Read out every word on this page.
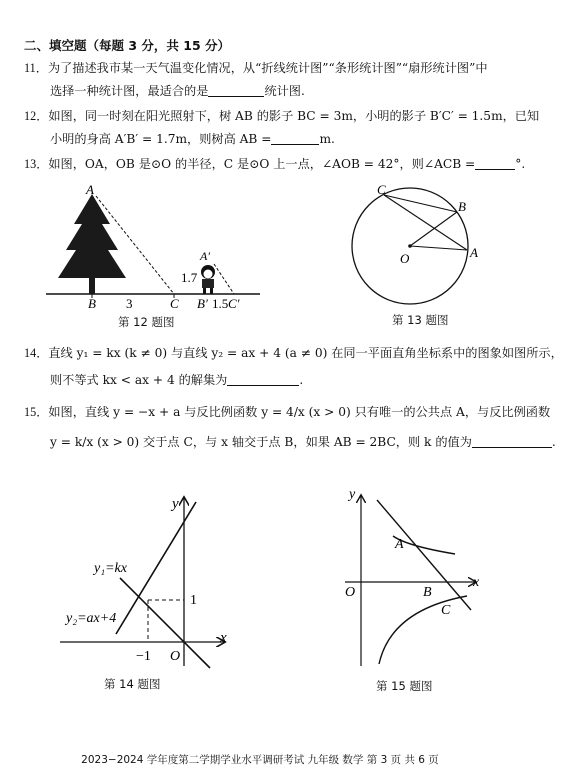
二、填空题（每题 3 分，共 15 分）
11．为了描述我市某一天气温变化情况，从“折线统计图”“条形统计图”“扇形统计图”中
选择一种统计图，最适合的是	统计图.
12．如图，同一时刻在阳光照射下，树 AB 的影子 BC = 3m，小明的影子 B′C′ = 1.5m，已知
小明的身高 A′B′ = 1.7m，则树高 AB =	m.
13．如图，OA，OB 是⊙O 的半径，C 是⊙O 上一点，∠AOB = 42°，则∠ACB =	°.
A
B 3	C
A′
1.7
B′ 1.5 C′
第 12 题图
C
B
O	A
第 13 题图
14．直线 y₁ = kx (k ≠ 0) 与直线 y₂ = ax + 4 (a ≠ 0) 在同一平面直角坐标系中的图象如图所示，
则不等式 kx < ax + 4 的解集为	.
15．如图，直线 y = −x + a 与反比例函数 y = 4/x (x > 0) 只有唯一的公共点 A，与反比例函数
y = k/x (x > 0) 交于点 C，与 x 轴交于点 B，如果 AB = 2BC，则 k 的值为	.
y
x
y₁=kx
y₂=ax+4
1
−1 O
第 14 题图
y
x
A
O	B
C
第 15 题图
2023−2024 学年度第二学期学业水平调研考试 九年级 数学 第 3 页 共 6 页
